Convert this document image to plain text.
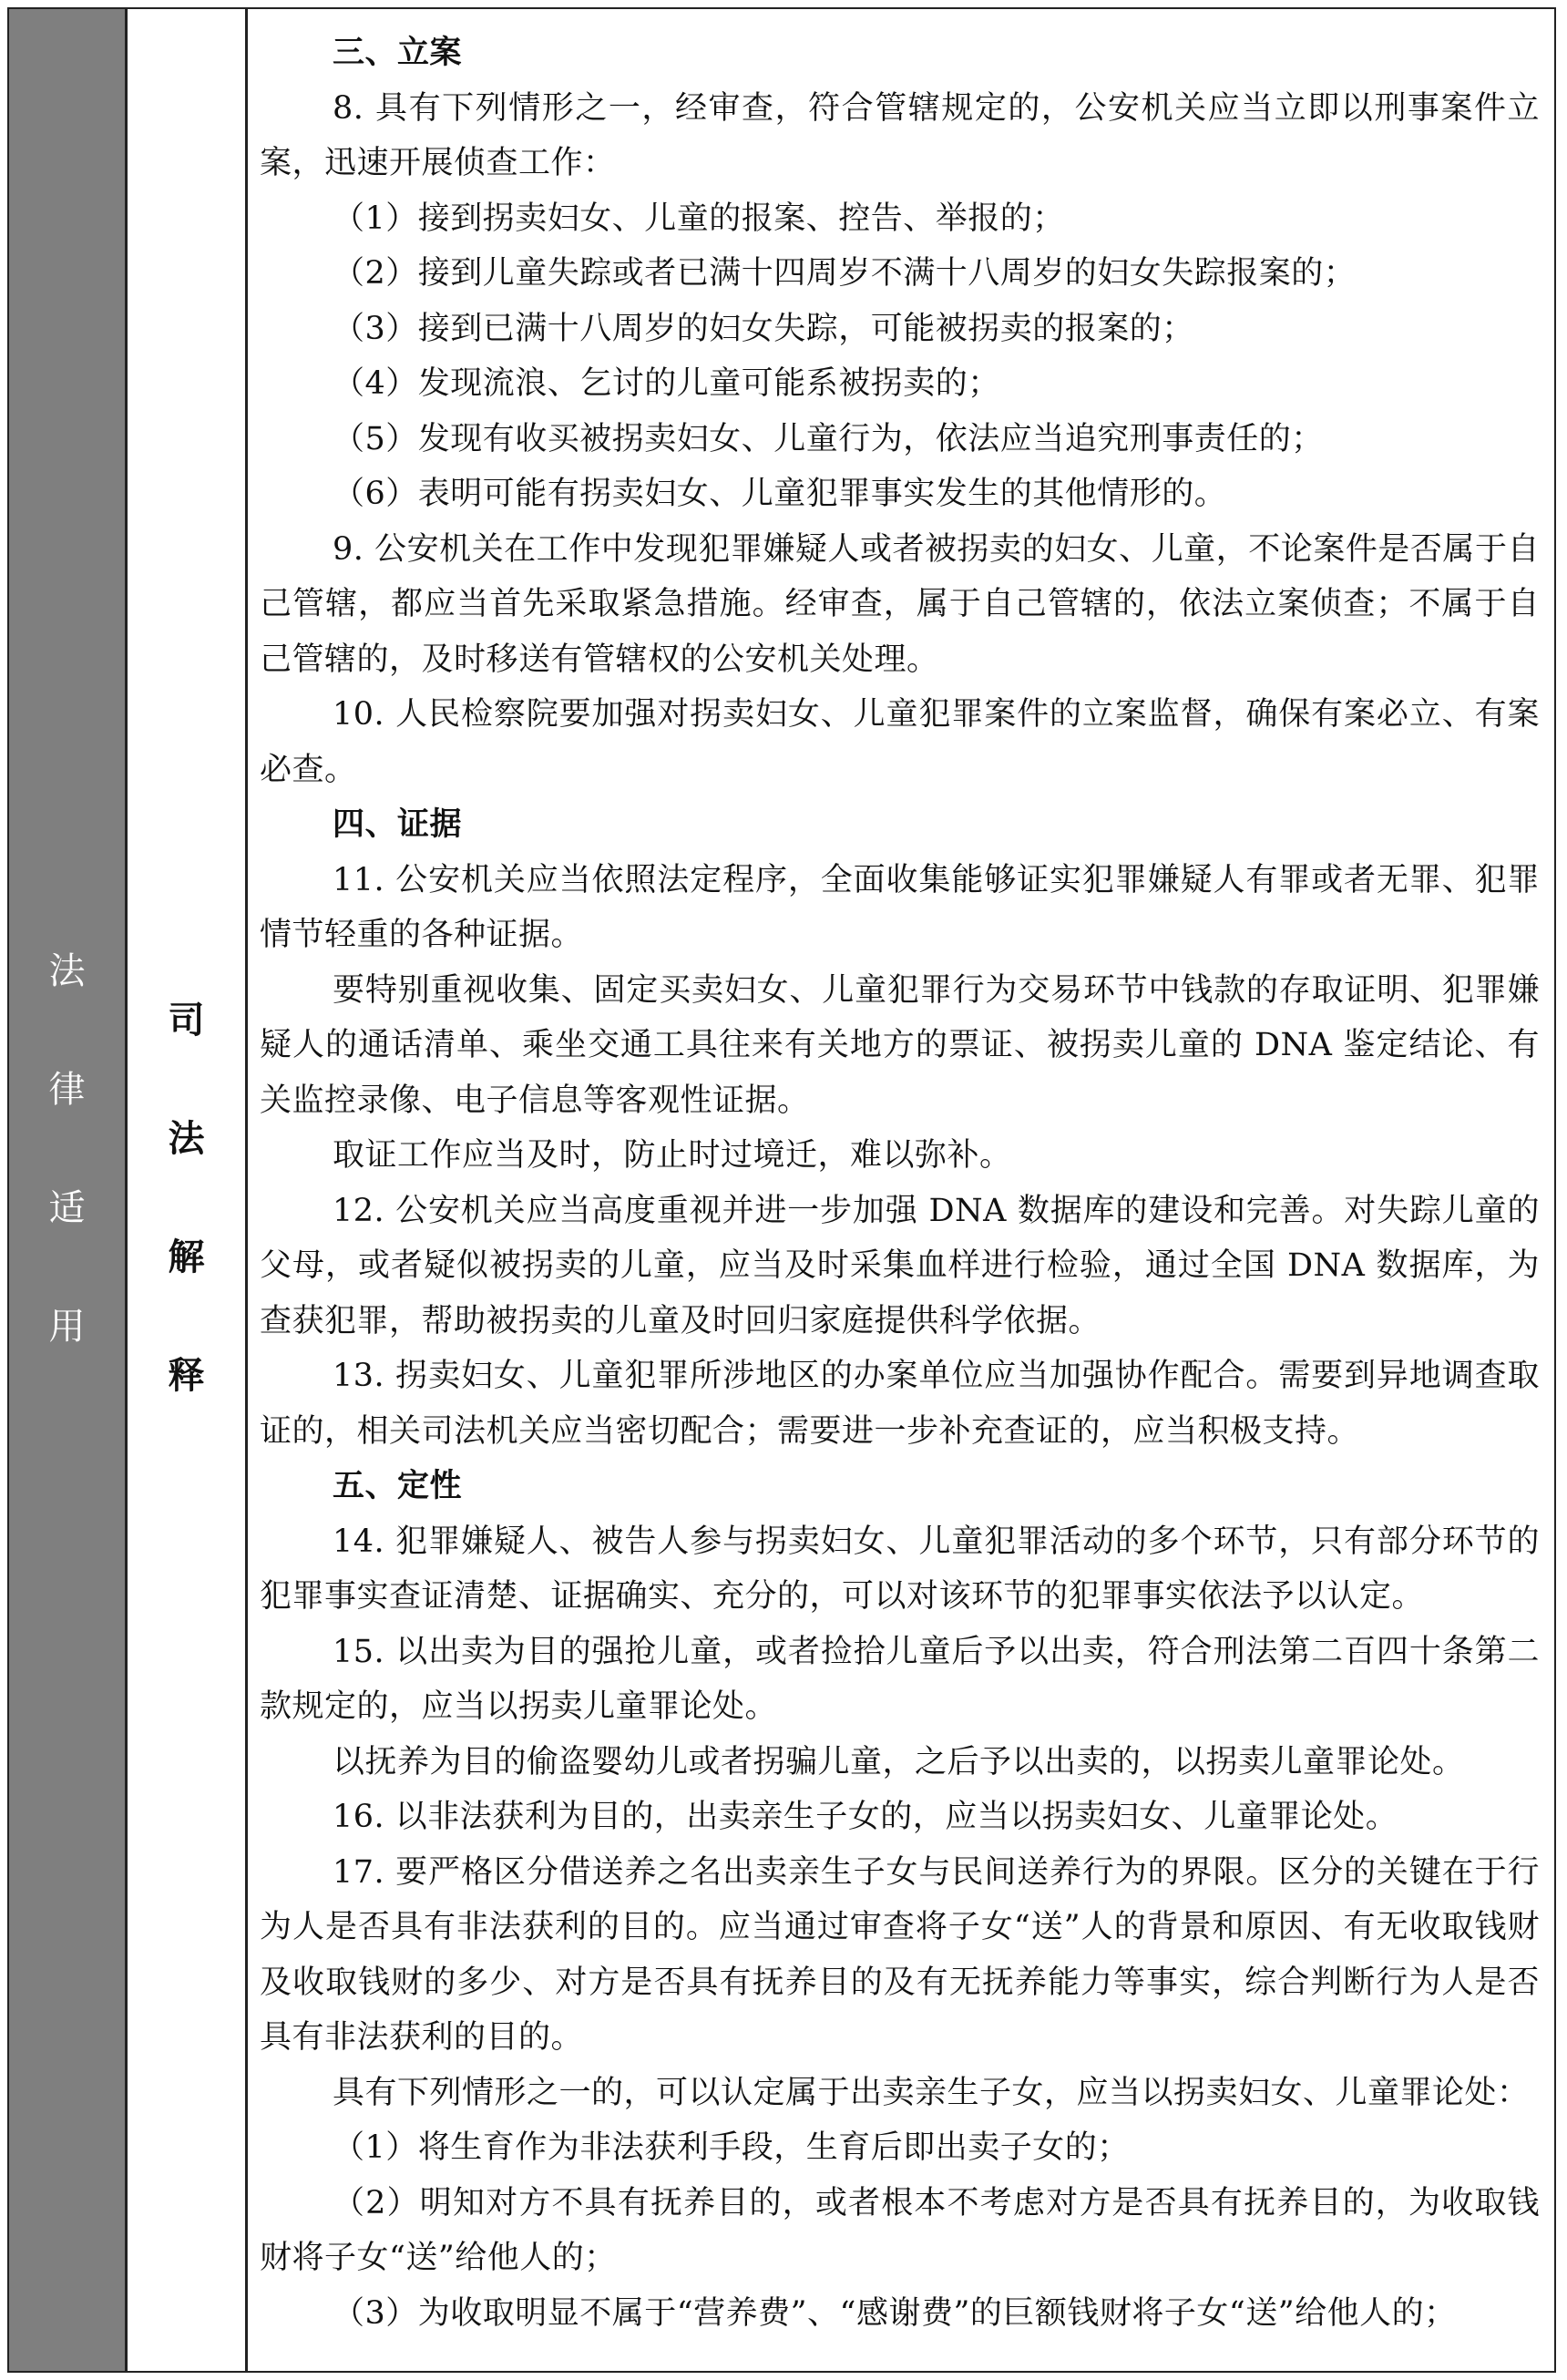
法
律
适
用
司
法
解
释

三、立案

8. 具有下列情形之一，经审查，符合管辖规定的，公安机关应当立即以刑事案件立案，迅速开展侦查工作：

（1）接到拐卖妇女、儿童的报案、控告、举报的；

（2）接到儿童失踪或者已满十四周岁不满十八周岁的妇女失踪报案的；

（3）接到已满十八周岁的妇女失踪，可能被拐卖的报案的；

（4）发现流浪、乞讨的儿童可能系被拐卖的；

（5）发现有收买被拐卖妇女、儿童行为，依法应当追究刑事责任的；

（6）表明可能有拐卖妇女、儿童犯罪事实发生的其他情形的。

9. 公安机关在工作中发现犯罪嫌疑人或者被拐卖的妇女、儿童，不论案件是否属于自己管辖，都应当首先采取紧急措施。经审查，属于自己管辖的，依法立案侦查；不属于自己管辖的，及时移送有管辖权的公安机关处理。

10. 人民检察院要加强对拐卖妇女、儿童犯罪案件的立案监督，确保有案必立、有案必查。

四、证据

11. 公安机关应当依照法定程序，全面收集能够证实犯罪嫌疑人有罪或者无罪、犯罪情节轻重的各种证据。

要特别重视收集、固定买卖妇女、儿童犯罪行为交易环节中钱款的存取证明、犯罪嫌疑人的通话清单、乘坐交通工具往来有关地方的票证、被拐卖儿童的 DNA 鉴定结论、有关监控录像、电子信息等客观性证据。

取证工作应当及时，防止时过境迁，难以弥补。

12. 公安机关应当高度重视并进一步加强 DNA 数据库的建设和完善。对失踪儿童的父母，或者疑似被拐卖的儿童，应当及时采集血样进行检验，通过全国 DNA 数据库，为查获犯罪，帮助被拐卖的儿童及时回归家庭提供科学依据。

13. 拐卖妇女、儿童犯罪所涉地区的办案单位应当加强协作配合。需要到异地调查取证的，相关司法机关应当密切配合；需要进一步补充查证的，应当积极支持。

五、定性

14. 犯罪嫌疑人、被告人参与拐卖妇女、儿童犯罪活动的多个环节，只有部分环节的犯罪事实查证清楚、证据确实、充分的，可以对该环节的犯罪事实依法予以认定。

15. 以出卖为目的强抢儿童，或者捡拾儿童后予以出卖，符合刑法第二百四十条第二款规定的，应当以拐卖儿童罪论处。

以抚养为目的偷盗婴幼儿或者拐骗儿童，之后予以出卖的，以拐卖儿童罪论处。

16. 以非法获利为目的，出卖亲生子女的，应当以拐卖妇女、儿童罪论处。

17. 要严格区分借送养之名出卖亲生子女与民间送养行为的界限。区分的关键在于行为人是否具有非法获利的目的。应当通过审查将子女“送”人的背景和原因、有无收取钱财及收取钱财的多少、对方是否具有抚养目的及有无抚养能力等事实，综合判断行为人是否具有非法获利的目的。

具有下列情形之一的，可以认定属于出卖亲生子女，应当以拐卖妇女、儿童罪论处：

（1）将生育作为非法获利手段，生育后即出卖子女的；

（2）明知对方不具有抚养目的，或者根本不考虑对方是否具有抚养目的，为收取钱财将子女“送”给他人的；

（3）为收取明显不属于“营养费”、“感谢费”的巨额钱财将子女“送”给他人的；
